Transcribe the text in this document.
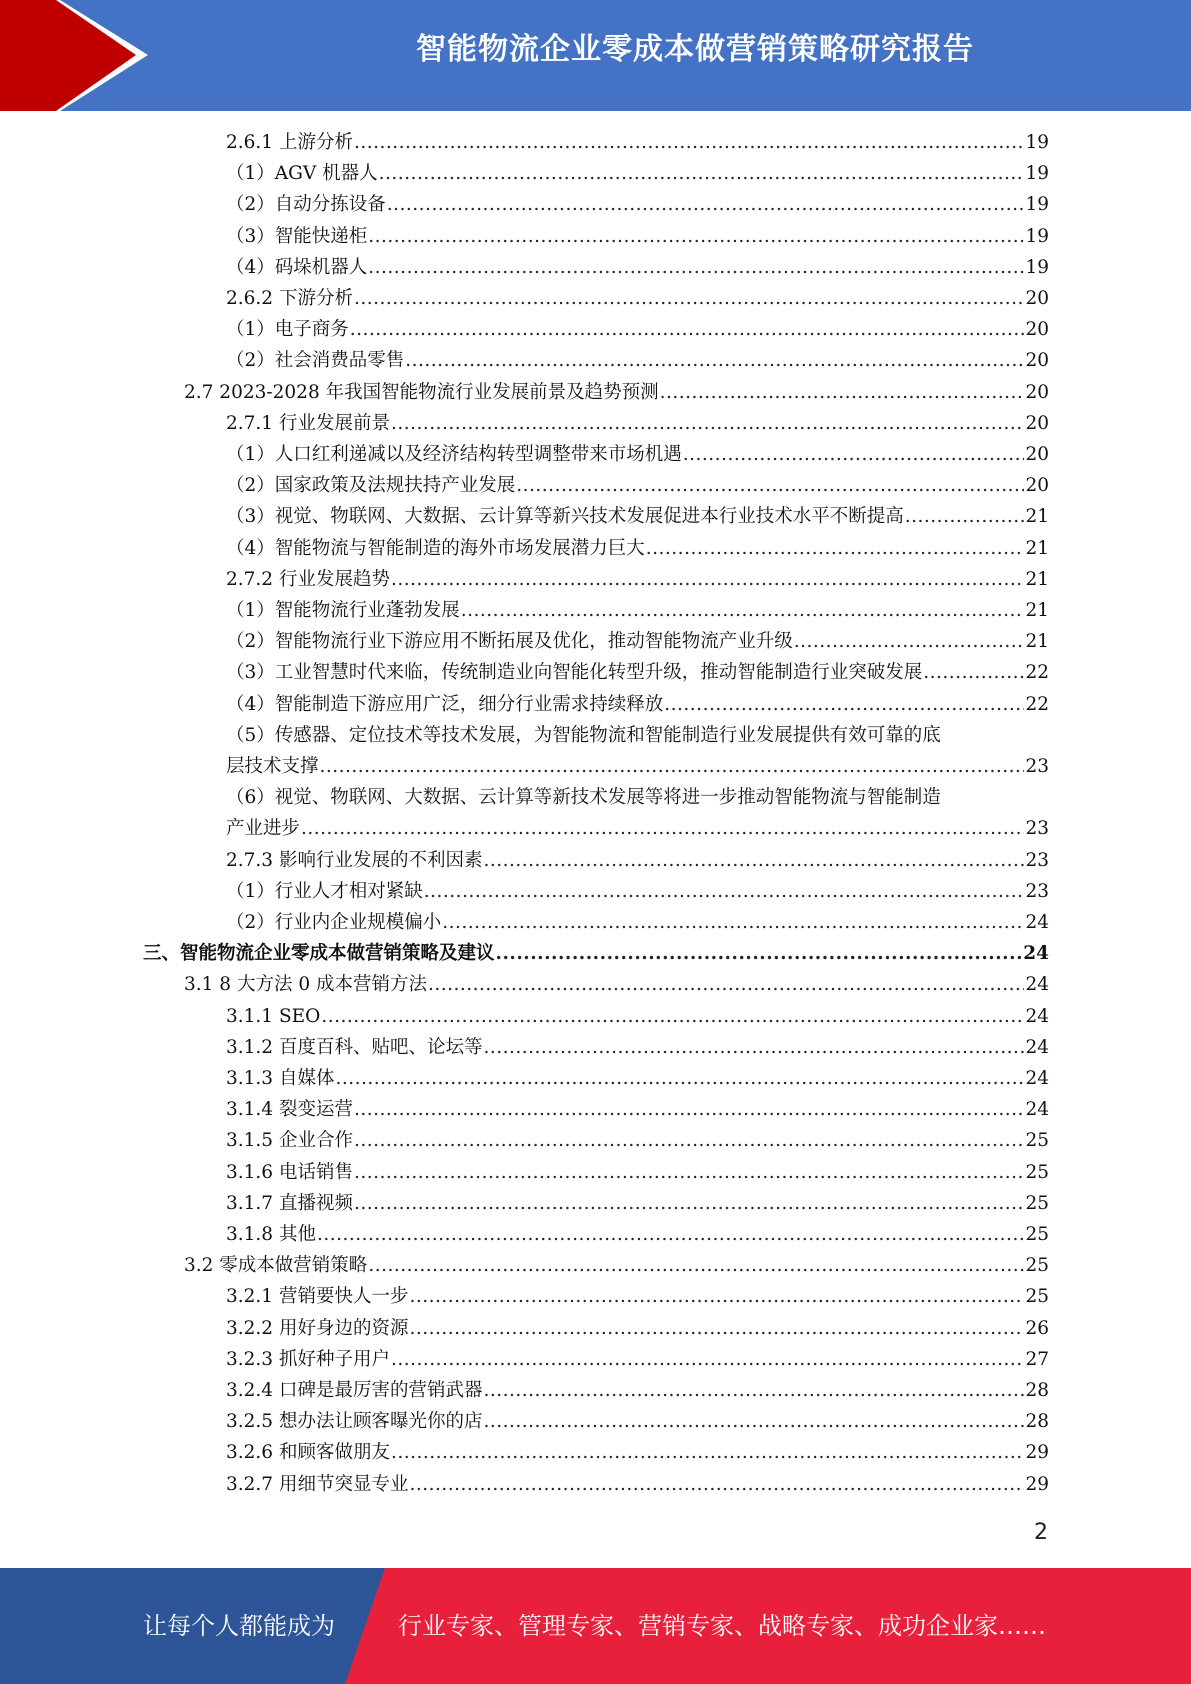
智能物流企业零成本做营销策略研究报告
2.6.1 上游分析 .....	19
（1）AGV 机器人 .....	19
（2）自动分拣设备 .....	19
（3）智能快递柜 .....	19
（4）码垛机器人 .....	19
2.6.2 下游分析 .....	20
（1）电子商务 .....	20
（2）社会消费品零售 .....	20
2.7 2023-2028 年我国智能物流行业发展前景及趋势预测 .....	20
2.7.1 行业发展前景 .....	20
（1）人口红利递减以及经济结构转型调整带来市场机遇 .....	20
（2）国家政策及法规扶持产业发展 .....	20
（3）视觉、物联网、大数据、云计算等新兴技术发展促进本行业技术水平不断提高 .....	21
（4）智能物流与智能制造的海外市场发展潜力巨大 .....	21
2.7.2 行业发展趋势 .....	21
（1）智能物流行业蓬勃发展 .....	21
（2）智能物流行业下游应用不断拓展及优化，推动智能物流产业升级 .....	21
（3）工业智慧时代来临，传统制造业向智能化转型升级，推动智能制造行业突破发展 .....	22
（4）智能制造下游应用广泛，细分行业需求持续释放 .....	22
（5）传感器、定位技术等技术发展，为智能物流和智能制造行业发展提供有效可靠的底
层技术支撑 .....	23
（6）视觉、物联网、大数据、云计算等新技术发展等将进一步推动智能物流与智能制造
产业进步 .....	23
2.7.3 影响行业发展的不利因素 .....	23
（1）行业人才相对紧缺 .....	23
（2）行业内企业规模偏小 .....	24
三、智能物流企业零成本做营销策略及建议 .....	24
3.1 8 大方法 0 成本营销方法 .....	24
3.1.1 SEO .....	24
3.1.2 百度百科、贴吧、论坛等 .....	24
3.1.3 自媒体 .....	24
3.1.4 裂变运营 .....	24
3.1.5 企业合作 .....	25
3.1.6 电话销售 .....	25
3.1.7 直播视频 .....	25
3.1.8 其他 .....	25
3.2 零成本做营销策略 .....	25
3.2.1 营销要快人一步 .....	25
3.2.2 用好身边的资源 .....	26
3.2.3 抓好种子用户 .....	27
3.2.4 口碑是最厉害的营销武器 .....	28
3.2.5 想办法让顾客曝光你的店 .....	28
3.2.6 和顾客做朋友 .....	29
3.2.7 用细节突显专业 .....	29
2
让每个人都能成为	行业专家、管理专家、营销专家、战略专家、成功企业家……
